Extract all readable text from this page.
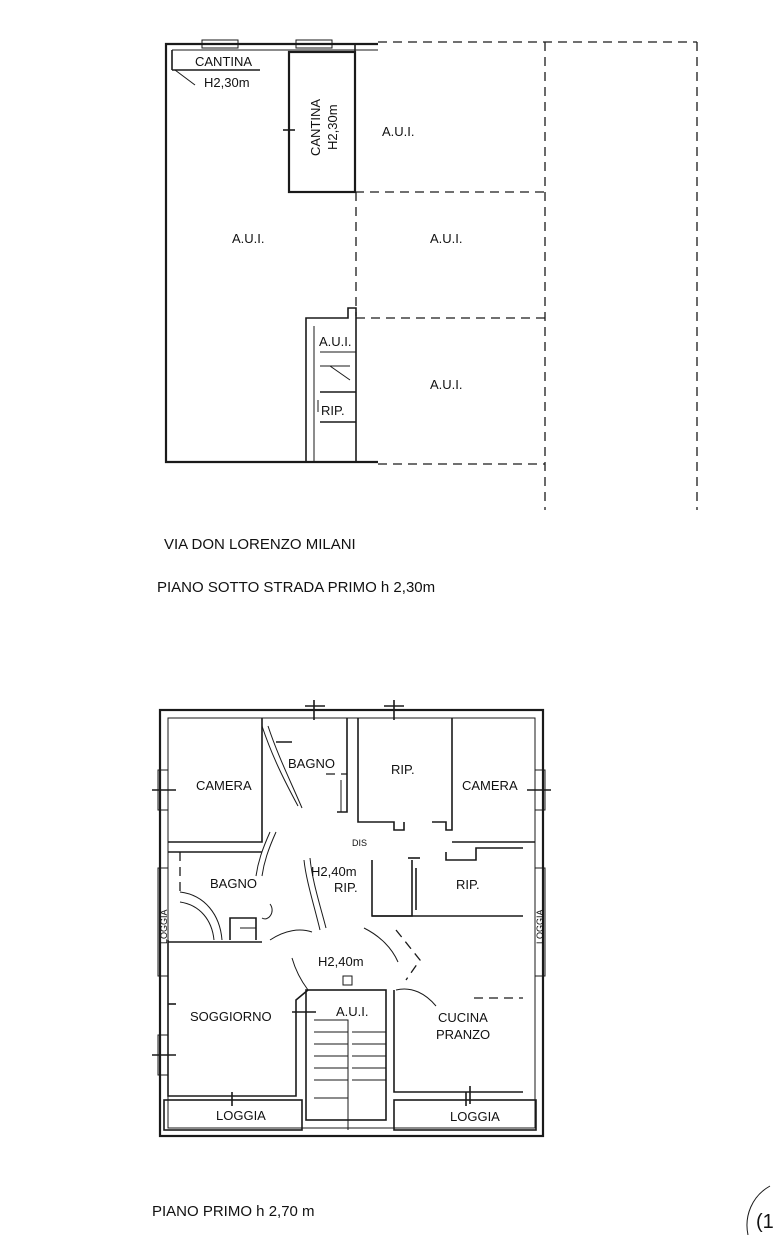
CANTINA
H2,30m
CANTINA H2,30m	A.U.I.
A.U.I.	A.U.I.
A.U.I.
A.U.I.
RIP.
CAMERA
BAGNO	RIP.
CAMERA
DIS
BAGNO
H2,40m
RIP.	RIP.
H2,40m
SOGGIORNO	A.U.I.	CUCINA
PRANZO
LOGGIA	LOGGIA
LOGGIA	LOGGIA
(1
VIA DON LORENZO MILANI
PIANO SOTTO STRADA PRIMO h 2,30m
PIANO PRIMO h 2,70 m
